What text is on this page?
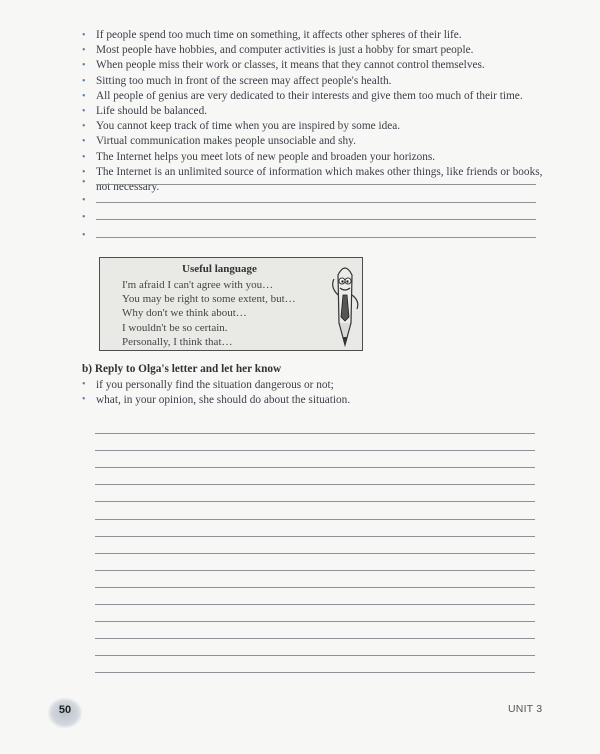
• If people spend too much time on something, it affects other spheres of their life.
• Most people have hobbies, and computer activities is just a hobby for smart people.
• When people miss their work or classes, it means that they cannot control themselves.
• Sitting too much in front of the screen may affect people's health.
• All people of genius are very dedicated to their interests and give them too much of their time.
• Life should be balanced.
• You cannot keep track of time when you are inspired by some idea.
• Virtual communication makes people unsociable and shy.
• The Internet helps you meet lots of new people and broaden your horizons.
• The Internet is an unlimited source of information which makes other things, like friends or books, not necessary.
•
•
•
•
Useful language

I'm afraid I can't agree with you…

You may be right to some extent, but…

Why don't we think about…

I wouldn't be so certain.

Personally, I think that…

b) Reply to Olga's letter and let her know

• if you personally find the situation dangerous or not;
• what, in your opinion, she should do about the situation.
50	UNIT 3
